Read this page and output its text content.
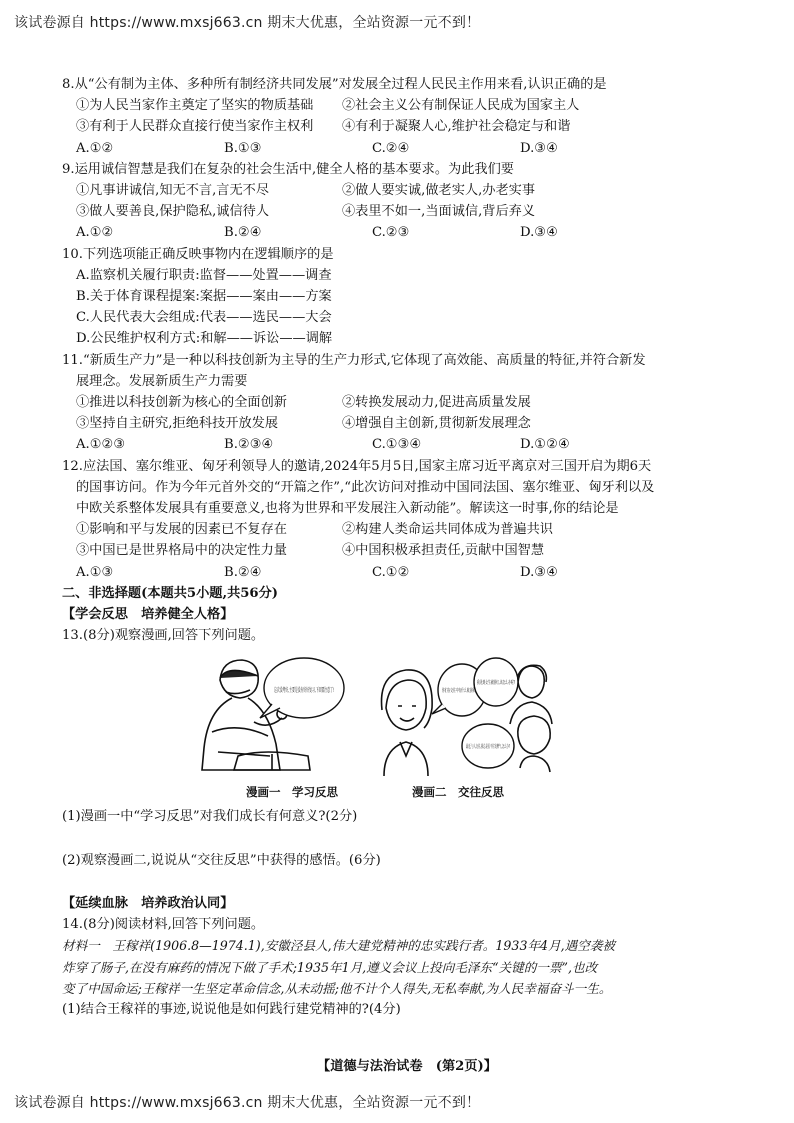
该试卷源自 https://www.mxsj663.cn 期末大优惠，全站资源一元不到！
8.从“公有制为主体、多种所有制经济共同发展”对发展全过程人民民主作用来看,认识正确的是
①为人民当家作主奠定了坚实的物质基础	②社会主义公有制保证人民成为国家主人
③有利于人民群众直接行使当家作主权利	④有利于凝聚人心,维护社会稳定与和谐
A.①②	B.①③	C.②④	D.③④
9.运用诚信智慧是我们在复杂的社会生活中,健全人格的基本要求。为此我们要
①凡事讲诚信,知无不言,言无不尽	②做人要实诚,做老实人,办老实事
③做人要善良,保护隐私,诚信待人	④表里不如一,当面诚信,背后弃义
A.①②	B.②④	C.②③	D.③④
10.下列选项能正确反映事物内在逻辑顺序的是
A.监察机关履行职责:监督——处置——调查
B.关于体育课程提案:案据——案由——方案
C.人民代表大会组成:代表——选民——大会
D.公民维护权利方式:和解——诉讼——调解
11.“新质生产力”是一种以科技创新为主导的生产力形式,它体现了高效能、高质量的特征,并符合新发
展理念。发展新质生产力需要
①推进以科技创新为核心的全面创新	②转换发展动力,促进高质量发展
③坚持自主研究,拒绝科技开放发展	④增强自主创新,贯彻新发展理念
A.①②③	B.②③④	C.①③④	D.①②④
12.应法国、塞尔维亚、匈牙利领导人的邀请,2024年5月5日,国家主席习近平离京对三国开启为期6天
的国事访问。作为今年元首外交的“开篇之作”,“此次访问对推动中国同法国、塞尔维亚、匈牙利以及
中欧关系整体发展具有重要意义,也将为世界和平发展注入新动能”。解读这一时事,你的结论是
①影响和平与发展的因素已不复存在	②构建人类命运共同体成为普遍共识
③中国已是世界格局中的决定性力量	④中国积极承担责任,贡献中国智慧
A.①③	B.②④	C.①②	D.③④
二、非选择题(本题共5小题,共56分)
【学会反思　培养健全人格】
13.(8分)观察漫画,回答下列问题。
我见到女生就脸红,该怎么办呢?
最近,与人交往,我总是忍不住发脾气,怎么办?
漫画一　学习反思	漫画二　交往反思
(1)漫画一中“学习反思”对我们成长有何意义?(2分)
(2)观察漫画二,说说从“交往反思”中获得的感悟。(6分)
【延续血脉　培养政治认同】
14.(8分)阅读材料,回答下列问题。
材料一　王稼祥(1906.8—1974.1),安徽泾县人,伟大建党精神的忠实践行者。1933年4月,遇空袭被
炸穿了肠子,在没有麻药的情况下做了手术;1935年1月,遵义会议上投向毛泽东“关键的一票”,也改
变了中国命运;王稼祥一生坚定革命信念,从未动摇;他不计个人得失,无私奉献,为人民幸福奋斗一生。
(1)结合王稼祥的事迹,说说他是如何践行建党精神的?(4分)
【道德与法治试卷　(第2页)】
该试卷源自 https://www.mxsj663.cn 期末大优惠，全站资源一元不到！
